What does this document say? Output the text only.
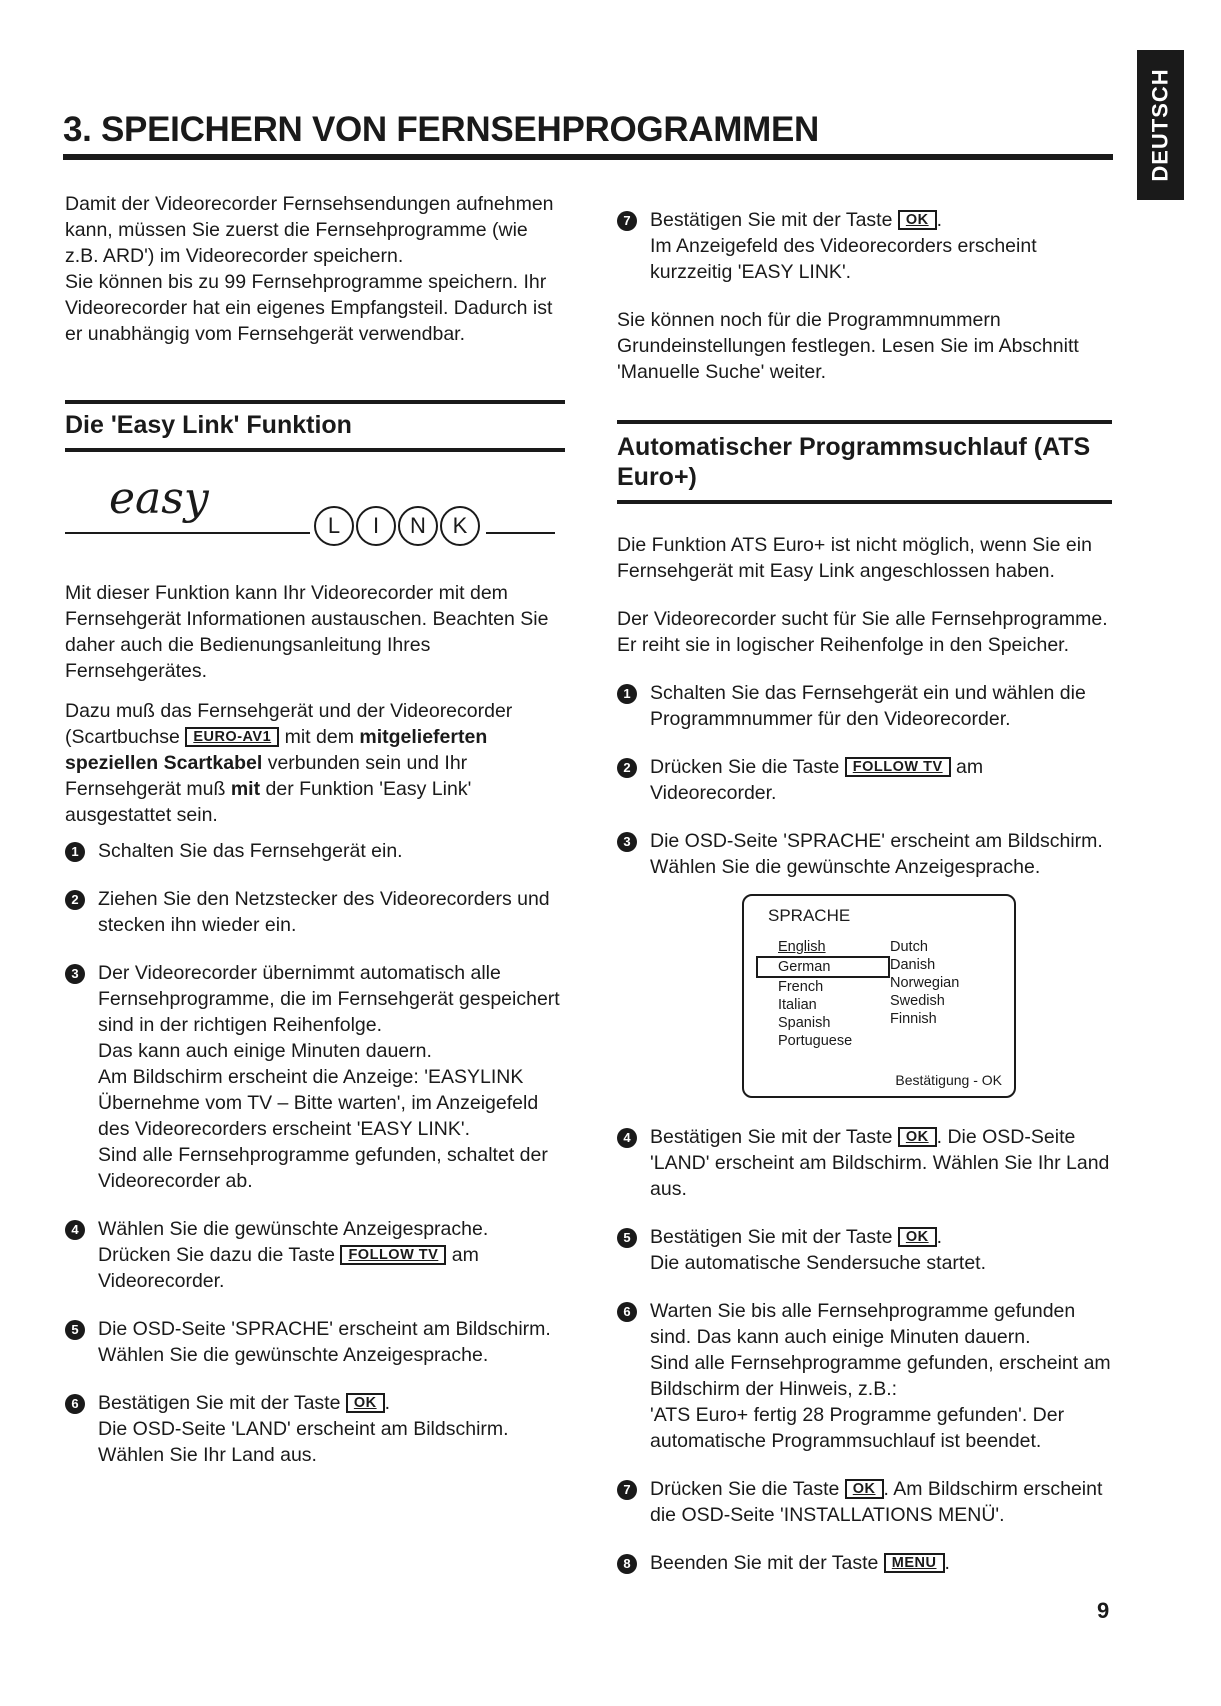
DEUTSCH
3. SPEICHERN VON FERNSEHPROGRAMMEN

Damit der Videorecorder Fernsehsendungen aufnehmen kann, müssen Sie zuerst die Fernsehprogramme (wie z.B. ARD') im Videorecorder speichern.

Sie können bis zu 99 Fernsehprogramme speichern. Ihr Videorecorder hat ein eigenes Empfangsteil. Dadurch ist er unabhängig vom Fernsehgerät verwendbar.

Die 'Easy Link' Funktion
easy
L	I	N	K

Mit dieser Funktion kann Ihr Videorecorder mit dem Fernsehgerät Informationen austauschen. Beachten Sie daher auch die Bedienungsanleitung Ihres Fernsehgerätes.

Dazu muß das Fernsehgerät und der Videorecorder (Scartbuchse EURO-AV1 mit dem mitgelieferten speziellen Scartkabel verbunden sein und Ihr Fernsehgerät muß mit der Funktion 'Easy Link' ausgestattet sein.

1 Schalten Sie das Fernsehgerät ein.

2 Ziehen Sie den Netzstecker des Videorecorders und stecken ihn wieder ein.

3 Der Videorecorder übernimmt automatisch alle Fernsehprogramme, die im Fernsehgerät gespeichert sind in der richtigen Reihenfolge.

Das kann auch einige Minuten dauern.

Am Bildschirm erscheint die Anzeige: 'EASYLINK Übernehme vom TV – Bitte warten', im Anzeigefeld des Videorecorders erscheint 'EASY LINK'.

Sind alle Fernsehprogramme gefunden, schaltet der Videorecorder ab.

4 Wählen Sie die gewünschte Anzeigesprache. Drücken Sie dazu die Taste FOLLOW TV am Videorecorder.

5 Die OSD-Seite 'SPRACHE' erscheint am Bildschirm. Wählen Sie die gewünschte Anzeigesprache.

6 Bestätigen Sie mit der Taste OK .

Die OSD-Seite 'LAND' erscheint am Bildschirm. Wählen Sie Ihr Land aus.

7 Bestätigen Sie mit der Taste OK .

Im Anzeigefeld des Videorecorders erscheint kurzzeitig 'EASY LINK'.

Sie können noch für die Programmnummern Grundeinstellungen festlegen. Lesen Sie im Abschnitt 'Manuelle Suche' weiter.

Automatischer Programmsuchlauf (ATS Euro+)

Die Funktion ATS Euro+ ist nicht möglich, wenn Sie ein Fernsehgerät mit Easy Link angeschlossen haben.

Der Videorecorder sucht für Sie alle Fernsehprogramme. Er reiht sie in logischer Reihenfolge in den Speicher.

1 Schalten Sie das Fernsehgerät ein und wählen die Programmnummer für den Videorecorder.

2 Drücken Sie die Taste FOLLOW TV am Videorecorder.

3 Die OSD-Seite 'SPRACHE' erscheint am Bildschirm. Wählen Sie die gewünschte Anzeigesprache.

SPRACHE
English
German
French
Italian
Spanish
Portuguese
Dutch
Danish
Norwegian
Swedish
Finnish
Bestätigung - OK
4 Bestätigen Sie mit der Taste OK . Die OSD-Seite 'LAND' erscheint am Bildschirm. Wählen Sie Ihr Land aus.

5 Bestätigen Sie mit der Taste OK .

Die automatische Sendersuche startet.

6 Warten Sie bis alle Fernsehprogramme gefunden sind. Das kann auch einige Minuten dauern.

Sind alle Fernsehprogramme gefunden, erscheint am Bildschirm der Hinweis, z.B.:

'ATS Euro+ fertig 28 Programme gefunden'. Der automatische Programmsuchlauf ist beendet.

7 Drücken Sie die Taste OK . Am Bildschirm erscheint die OSD-Seite 'INSTALLATIONS MENÜ'.

8 Beenden Sie mit der Taste MENU .

9
